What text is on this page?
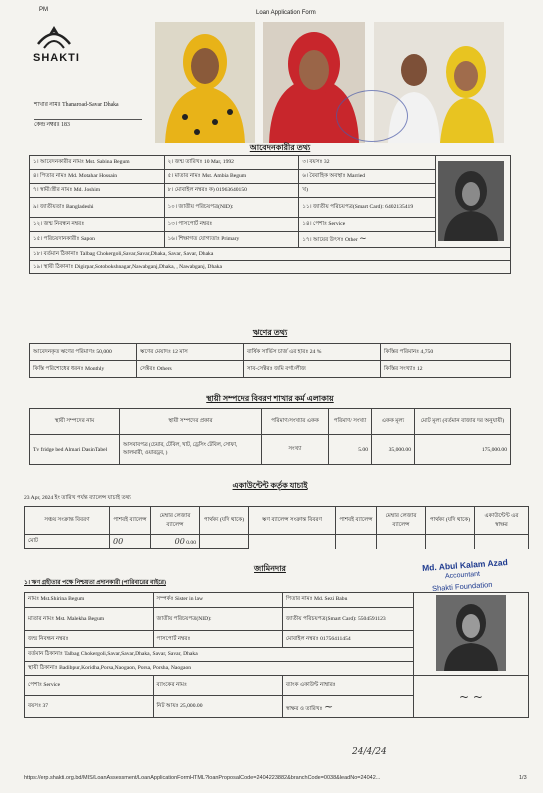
PM	Loan Application Form
SHAKTI
শাখার নামঃ Thanaroad-Savar Dhaka
কেন্দ্র নম্বরঃ 183
আবেদনকারীর তথ্য
১। আবেদনকারীর নামঃ Mst. Sabina Begum	২। জন্ম তারিখঃ 10 Mar, 1992	৩। বয়সঃ 32	
৪। পিতার নামঃ Md. Motahar Hossain	৫। মাতার নামঃ Mst. Ambia Begum	৬। বৈবাহিক অবস্থাঃ Married	
৭। স্বামী/স্ত্রীর নামঃ Md. Joshim	৮। মোবাইল নম্বরঃ ক) 01963640150	খ)	
৯। জাতীয়তাঃ Bangladeshi	১০। জাতীয় পরিচয়পত্র(NID):	১১। জাতীয় পরিচয়পত্র(Smart Card): 6402135419	
১২। জন্ম নিবন্ধন নম্বরঃ	১৩। পাসপোর্ট নম্বরঃ	১৪। পেশাঃ Service	
১৫। পরিচয়দানকারীঃ Sapon	১৬। শিক্ষাগত যোগ্যতাঃ Primary	১৭। আয়ের উৎসঃ Other ~	
১৮। বর্তমান ঠিকানাঃ Talbag Chokergoli,Savar,Savar,Dhaka, Savar, Savar, Dhaka			
১৯। স্থায়ী ঠিকানাঃ Digirpar,Sotobokshnagar,Nawabganj,Dhaka, , Nawabganj, Dhaka			
ঋণের তথ্য
আবেদনকৃত ঋণের পরিমাণঃ 50,000	ঋণের মেয়াদঃ 12 মাস	বার্ষিক সার্ভিস চার্জ এর হারঃ 24 %	কিস্তির পরিমানঃ 4,750
কিস্তি পরিশোধের ধরনঃ Monthly	সেক্টরঃ Others	সাব-সেক্টরঃ জমি বর্গা/লীজ	কিস্তির সংখ্যাঃ 12
স্থায়ী সম্পদের বিবরণ শাখার কর্ম এলাকায়
স্থায়ী সম্পদের নাম	স্থায়ী সম্পদের প্রকার	পরিমাণ/সংখ্যার একক	পরিমাণ/ সংখ্যা	একক মূল্য	মোট মূল্য (বর্তমান বাজার দর অনুযায়ী)
Tv fridge bed Almari DasinTabel	আসবাবপত্র (চেয়ার, টেবিল, খাট, ড্রেসিং টেবিল, সোফা, আলমারী, ওয়ারড্রব, )	সংখ্যা	5.00	35,000.00	175,000.00
একাউন্টেন্ট কর্তৃক যাচাই
23 Apr, 2024 ইং তারিখ পর্যন্ত ব্যালেন্স যাচাই তথ্য
সঞ্চয় সংক্রান্ত বিবরণ	পাশবই ব্যালেন্স	মেম্বার লেজার ব্যালেন্স	পার্থক্য (যদি থাকে)	ঋণ ব্যালেন্স সংক্রান্ত বিবরণ	পাশবই ব্যালেন্স	মেম্বার লেজার ব্যালেন্স	পার্থক্য (যদি থাকে)	একাউন্টেন্ট এর স্বাক্ষর
মোট	00	00 0.00						
জামিনদার
১। ঋণ গ্রহীতার পক্ষে নিশ্চয়তা প্রদানকারী (পারিবারের বাইরে)
Md. Abul Kalam Azad
Accountant
Shakti Foundation
নামঃ Mst.Shirina Begum	সম্পর্কঃ Sister in law	পিতার নামঃ Md. Sezi Babu	
মাতার নামঃ Mst. Malekha Begum	জাতীয় পরিচয়পত্র(NID):	জাতীয় পরিচয়পত্র(Smart Card): 5504591123	
জন্ম নিবন্ধন নম্বরঃ	পাসপোর্ট নম্বরঃ	মোবাইল নম্বরঃ 01756411454	
বর্তমান ঠিকানাঃ Talbag Chokergoli,Savar,Savar,Dhaka, Savar, Savar, Dhaka			
স্থায়ী ঠিকানাঃ Badibpur,Koridha,Porsa,Naogaon, Porsa, Porsha, Naogaon			
পেশাঃ Service	ব্যাংকের নামঃ	ব্যাংক একাউন্ট নাম্বারঃ	~ ~
বয়সঃ 37	নিট আয়ঃ 25,000.00	স্বাক্ষর ও তারিখঃ ~	
24/4/24
https://erp.shakti.org.bd/MIS/LoanAssessment/LoanApplicationFormHTML?loanProposalCode=2404223882&branchCode=0038&leadNo=24042...	1/3
